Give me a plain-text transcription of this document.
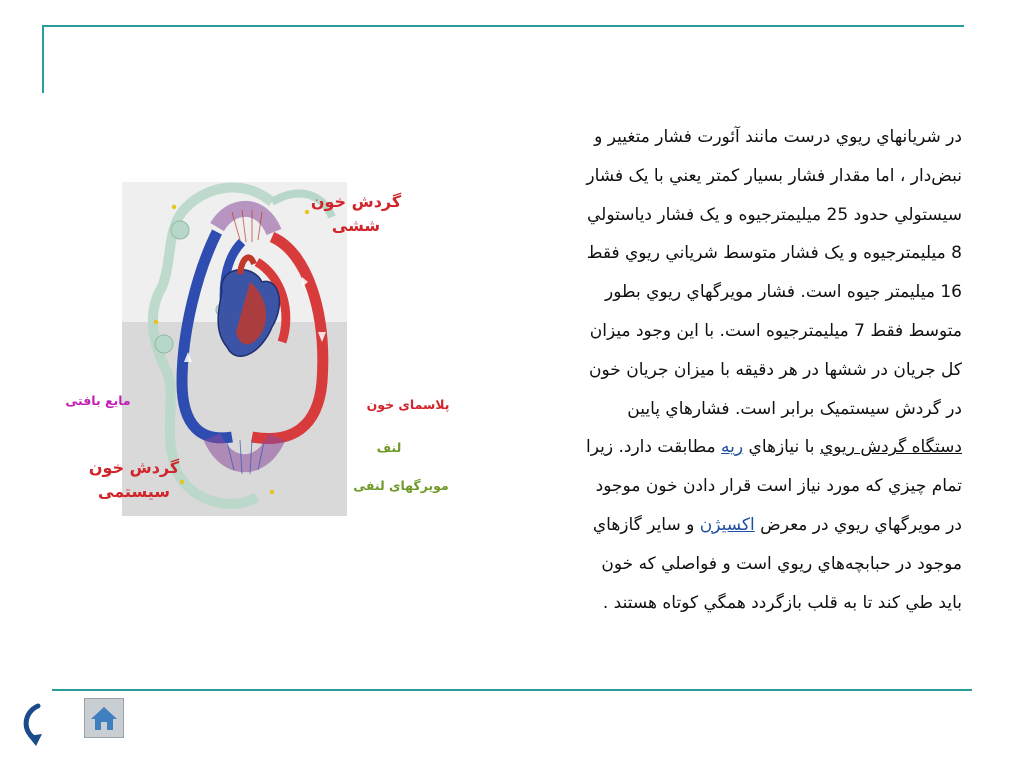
در شریانهاي ريوي درست مانند آئورت فشار متغيير و
نبض‌دار ، اما مقدار فشار بسيار کمتر يعني با يک فشار
سيستولي حدود 25 ميليمترجيوه و يک فشار دياستولي
8 ميليمترجيوه و يک فشار متوسط شرياني ريوي فقط
16 ميليمتر جيوه است. فشار مويرگهاي ريوي بطور
متوسط فقط 7 ميليمترجيوه است. با اين وجود ميزان
کل جريان در ششها در هر دقيقه با ميزان جريان خون
در گردش سيستميک برابر است. فشارهاي پايين
دستگاه گردش ريوي با نيازهاي ريه مطابقت دارد. زيرا
تمام چيزي که مورد نياز است قرار دادن خون موجود
در مويرگهاي ريوي در معرض اکسيژن و ساير گازهاي
موجود در حبابچه‌هاي ريوي است و فواصلي که خون
بايد طي کند تا به قلب بازگردد همگي کوتاه هستند .
گردش خون
ششی
گردش خون
سیستمی
مایع بافتی	پلاسمای خون
لنف
مویرگهای لنفی
